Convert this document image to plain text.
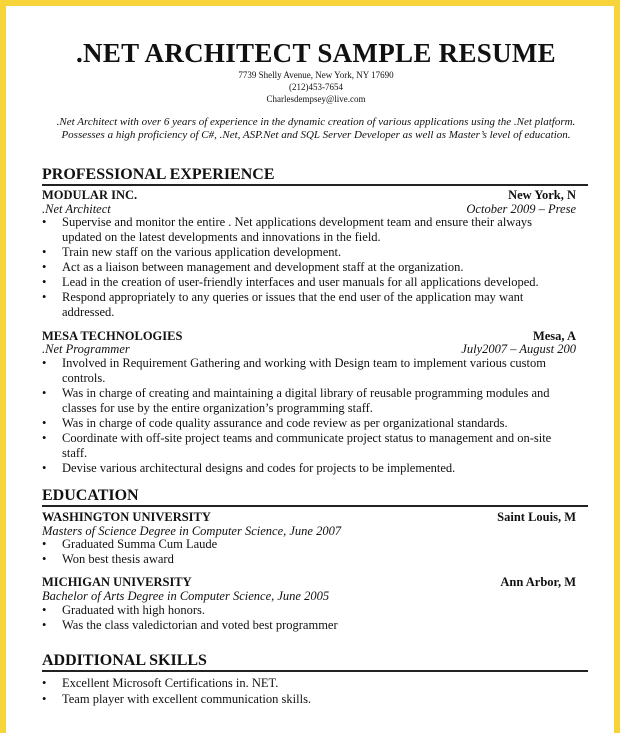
.NET ARCHITECT SAMPLE RESUME
7739 Shelly Avenue, New York, NY 17690
(212)453-7654
Charlesdempsey@live.com
.Net Architect with over 6 years of experience in the dynamic creation of various applications using the .Net platform.
Possesses a high proficiency of C#, .Net, ASP.Net and SQL Server Developer as well as Master’s level of education.
PROFESSIONAL EXPERIENCE
MODULAR INC.	New York, N
.Net Architect	October 2009 – Prese
•	Supervise and monitor the entire . Net applications development team and ensure their always
updated on the latest developments and innovations in the field.
•	Train new staff on the various application development.
•	Act as a liaison between management and development staff at the organization.
•	Lead in the creation of user-friendly interfaces and user manuals for all applications developed.
•	Respond appropriately to any queries or issues that the end user of the application may want
addressed.
MESA TECHNOLOGIES	Mesa, A
.Net Programmer	July2007 – August 200
•	Involved in Requirement Gathering and working with Design team to implement various custom
controls.
•	Was in charge of creating and maintaining a digital library of reusable programming modules and
classes for use by the entire organization’s programming staff.
•	Was in charge of code quality assurance and code review as per organizational standards.
•	Coordinate with off-site project teams and communicate project status to management and on-site
staff.
•	Devise various architectural designs and codes for projects to be implemented.
EDUCATION
WASHINGTON UNIVERSITY	Saint Louis, M
Masters of Science Degree in Computer Science, June 2007
•	Graduated Summa Cum Laude
•	Won best thesis award
MICHIGAN UNIVERSITY	Ann Arbor, M
Bachelor of Arts Degree in Computer Science, June 2005
•	Graduated with high honors.
•	Was the class valedictorian and voted best programmer
ADDITIONAL SKILLS
•	Excellent Microsoft Certifications in. NET.
•	Team player with excellent communication skills.
